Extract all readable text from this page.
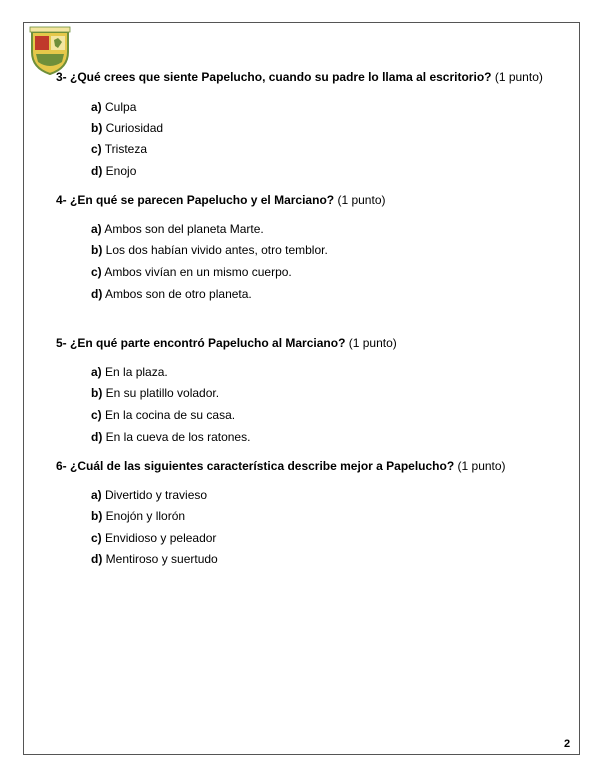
3- ¿Qué crees que siente Papelucho, cuando su padre lo llama al escritorio? (1 punto)
a) Culpa
b) Curiosidad
c) Tristeza
d) Enojo
4- ¿En qué se parecen Papelucho y el Marciano? (1 punto)
a) Ambos son del planeta Marte.
b) Los dos habían vivido antes, otro temblor.
c) Ambos vivían en un mismo cuerpo.
d) Ambos son de otro planeta.
5- ¿En qué parte encontró Papelucho al Marciano? (1 punto)
a) En la plaza.
b) En su platillo volador.
c) En la cocina de su casa.
d) En la cueva de los ratones.
6- ¿Cuál de las siguientes característica describe mejor a Papelucho? (1 punto)
a) Divertido y travieso
b) Enojón y llorón
c) Envidioso y peleador
d) Mentiroso y suertudo
2
